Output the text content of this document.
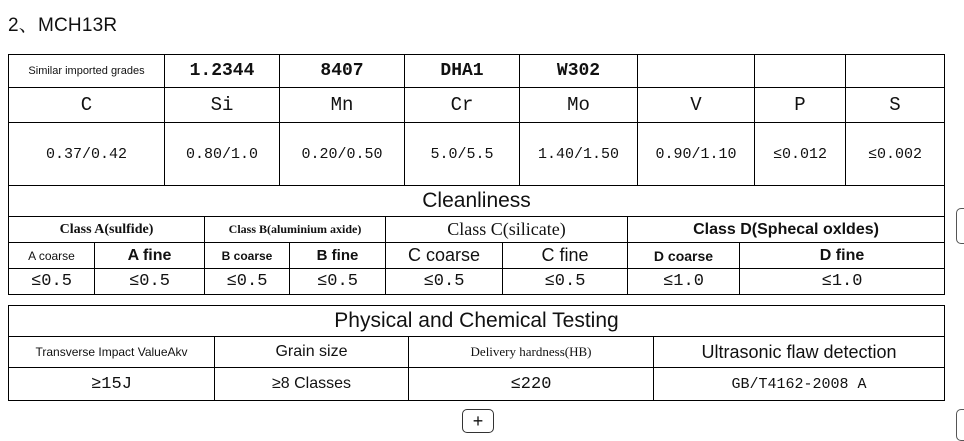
2、MCH13R
Similar imported grades	1.2344	8407	DHA1	W302			
C	Si	Mn	Cr	Mo	V	P	S
0.37/0.42	0.80/1.0	0.20/0.50	5.0/5.5	1.40/1.50	0.90/1.10	≤0.012	≤0.002
Cleanliness							
Class A(sulfide)		Class B(aluminium axide)		Class C(silicate)		Class D(Sphecal oxldes)	
A coarse	A fine	B coarse	B fine	C coarse	C fine	D coarse	D fine
≤0.5	≤0.5	≤0.5	≤0.5	≤0.5	≤0.5	≤1.0	≤1.0
Physical and Chemical Testing			
Transverse Impact ValueAkv	Grain size	Delivery hardness(HB)	Ultrasonic flaw detection
≥15J	≥8 Classes	≤220	GB/T4162-2008 A
+
